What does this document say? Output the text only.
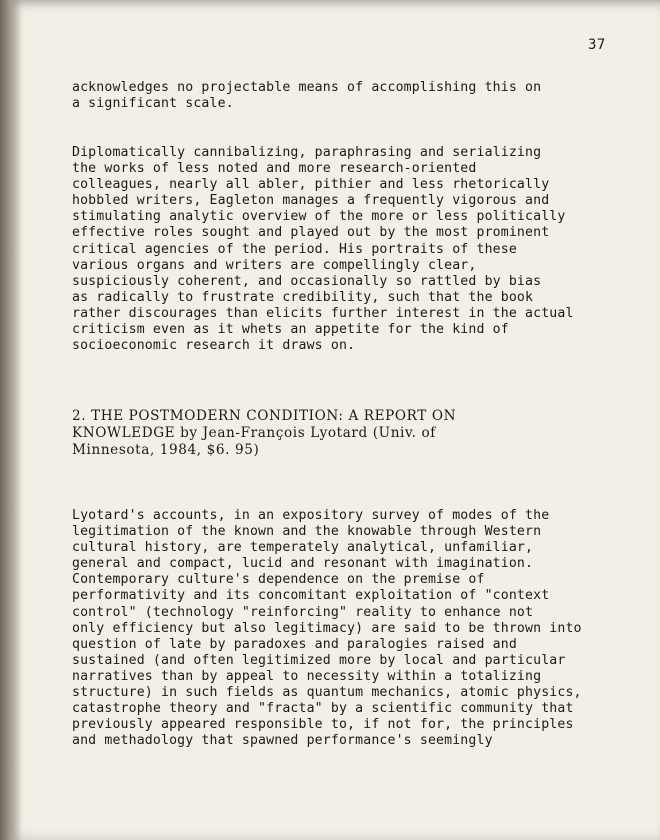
37
acknowledges no projectable means of accomplishing this on
a significant scale.
Diplomatically cannibalizing, paraphrasing and serializing
the works of less noted and more research-oriented
colleagues, nearly all abler, pithier and less rhetorically
hobbled writers, Eagleton manages a frequently vigorous and
stimulating analytic overview of the more or less politically
effective roles sought and played out by the most prominent
critical agencies of the period. His portraits of these
various organs and writers are compellingly clear,
suspiciously coherent, and occasionally so rattled by bias
as radically to frustrate credibility, such that the book
rather discourages than elicits further interest in the actual
criticism even as it whets an appetite for the kind of
socioeconomic research it draws on.
2. THE POSTMODERN CONDITION: A REPORT ON
KNOWLEDGE by Jean-François Lyotard (Univ. of
Minnesota, 1984, $6. 95)
Lyotard's accounts, in an expository survey of modes of the
legitimation of the known and the knowable through Western
cultural history, are temperately analytical, unfamiliar,
general and compact, lucid and resonant with imagination.
Contemporary culture's dependence on the premise of
performativity and its concomitant exploitation of "context
control" (technology "reinforcing" reality to enhance not
only efficiency but also legitimacy) are said to be thrown into
question of late by paradoxes and paralogies raised and
sustained (and often legitimized more by local and particular
narratives than by appeal to necessity within a totalizing
structure) in such fields as quantum mechanics, atomic physics,
catastrophe theory and "fracta" by a scientific community that
previously appeared responsible to, if not for, the principles
and methadology that spawned performance's seemingly
